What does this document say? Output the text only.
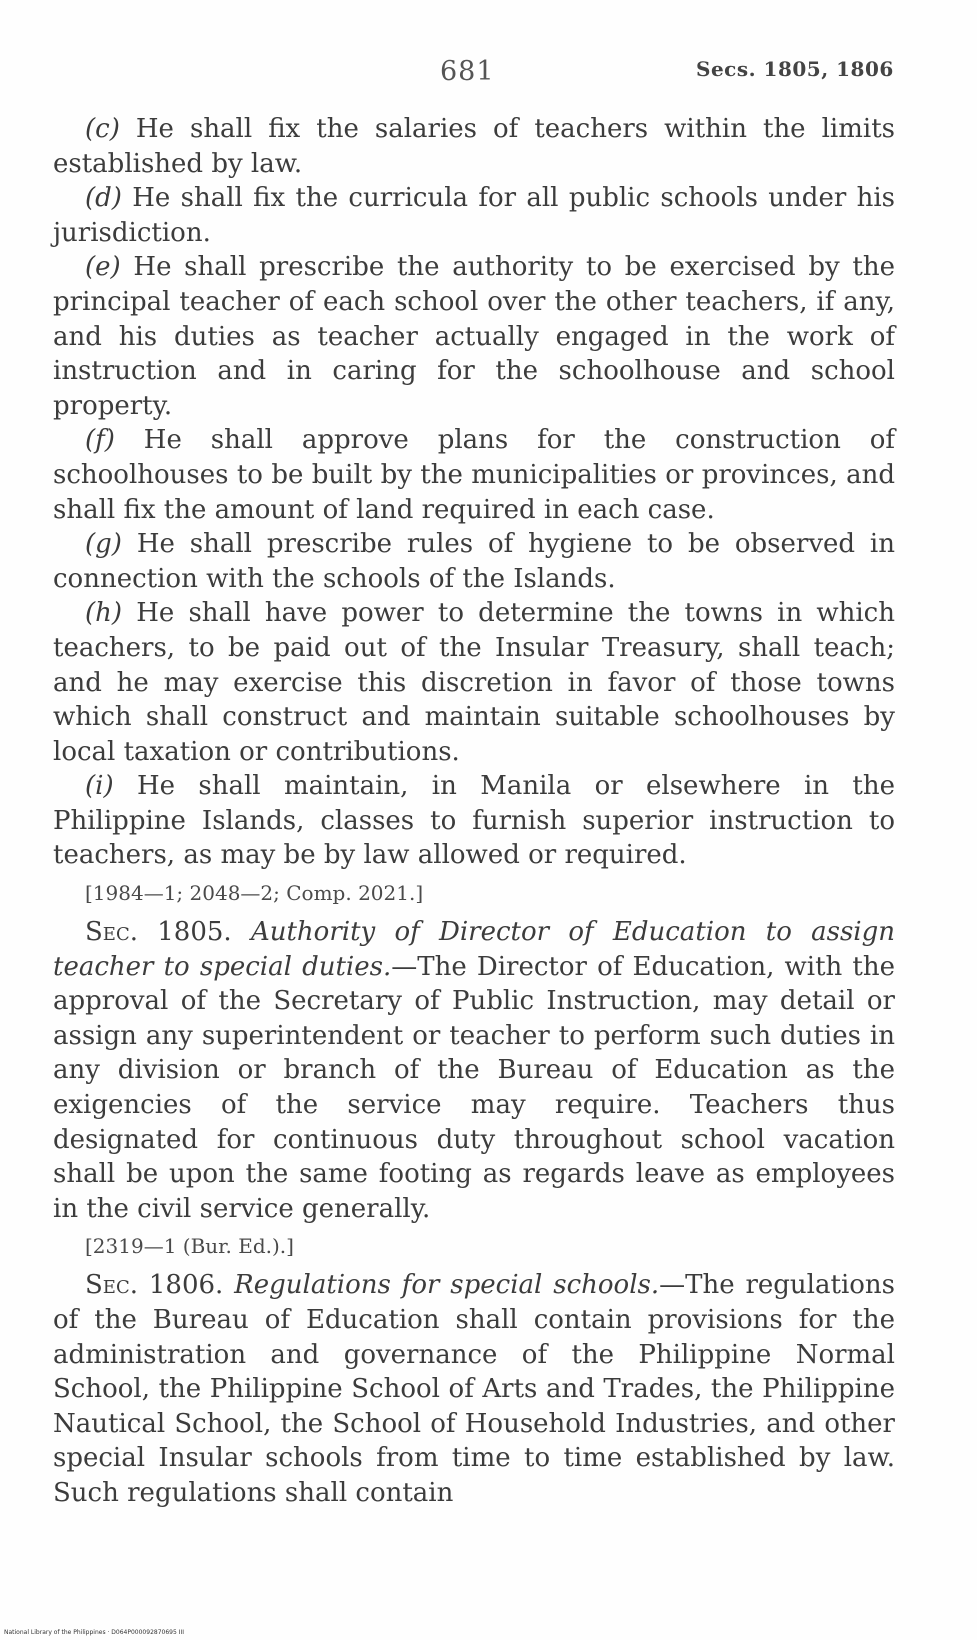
681	Secs. 1805, 1806

(c) He shall fix the salaries of teachers within the limits established by law.

(d) He shall fix the curricula for all public schools under his jurisdiction.

(e) He shall prescribe the authority to be exercised by the principal teacher of each school over the other teachers, if any, and his duties as teacher actually engaged in the work of instruction and in caring for the schoolhouse and school property.

(f) He shall approve plans for the construction of schoolhouses to be built by the municipalities or provinces, and shall fix the amount of land required in each case.

(g) He shall prescribe rules of hygiene to be observed in connection with the schools of the Islands.

(h) He shall have power to determine the towns in which teachers, to be paid out of the Insular Treasury, shall teach; and he may exercise this discretion in favor of those towns which shall construct and maintain suitable schoolhouses by local taxation or contributions.

(i) He shall maintain, in Manila or elsewhere in the Philippine Islands, classes to furnish superior instruction to teachers, as may be by law allowed or required.

[1984—1; 2048—2; Comp. 2021.]

Sec. 1805. Authority of Director of Education to assign teacher to special duties.—The Director of Education, with the approval of the Secretary of Public Instruction, may detail or assign any superintendent or teacher to perform such duties in any division or branch of the Bureau of Education as the exigencies of the service may require. Teachers thus designated for continuous duty throughout school vacation shall be upon the same footing as regards leave as employees in the civil service generally.

[2319—1 (Bur. Ed.).]

Sec. 1806. Regulations for special schools.—The regulations of the Bureau of Education shall contain provisions for the administration and governance of the Philippine Normal School, the Philippine School of Arts and Trades, the Philippine Nautical School, the School of Household Industries, and other special Insular schools from time to time established by law. Such regulations shall contain

National Library of the Philippines · D064P000092870695 III
